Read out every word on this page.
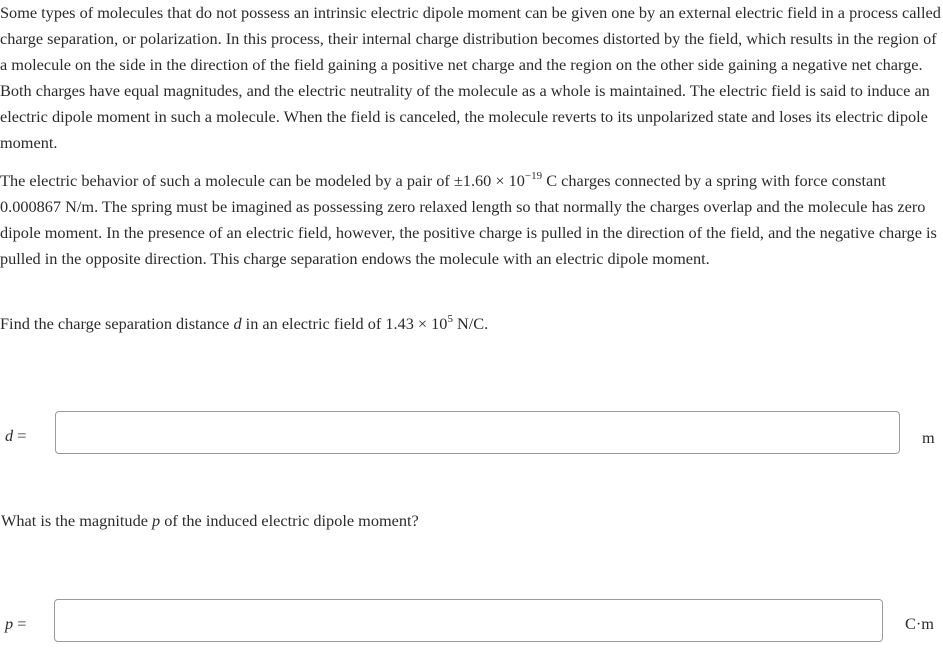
Some types of molecules that do not possess an intrinsic electric dipole moment can be given one by an external electric field in a process called charge separation, or polarization. In this process, their internal charge distribution becomes distorted by the field, which results in the region of a molecule on the side in the direction of the field gaining a positive net charge and the region on the other side gaining a negative net charge. Both charges have equal magnitudes, and the electric neutrality of the molecule as a whole is maintained. The electric field is said to induce an electric dipole moment in such a molecule. When the field is canceled, the molecule reverts to its unpolarized state and loses its electric dipole moment.

The electric behavior of such a molecule can be modeled by a pair of $\pm 1.60 \times 10^{-19}$ C charges connected by a spring with force constant 0.000867 N/m. The spring must be imagined as possessing zero relaxed length so that normally the charges overlap and the molecule has zero dipole moment. In the presence of an electric field, however, the positive charge is pulled in the direction of the field, and the negative charge is pulled in the opposite direction. This charge separation endows the molecule with an electric dipole moment.

Find the charge separation distance d in an electric field of $1.43 \times 10^5$ N/C.

d =	m

What is the magnitude p of the induced electric dipole moment?

p =	C·m
